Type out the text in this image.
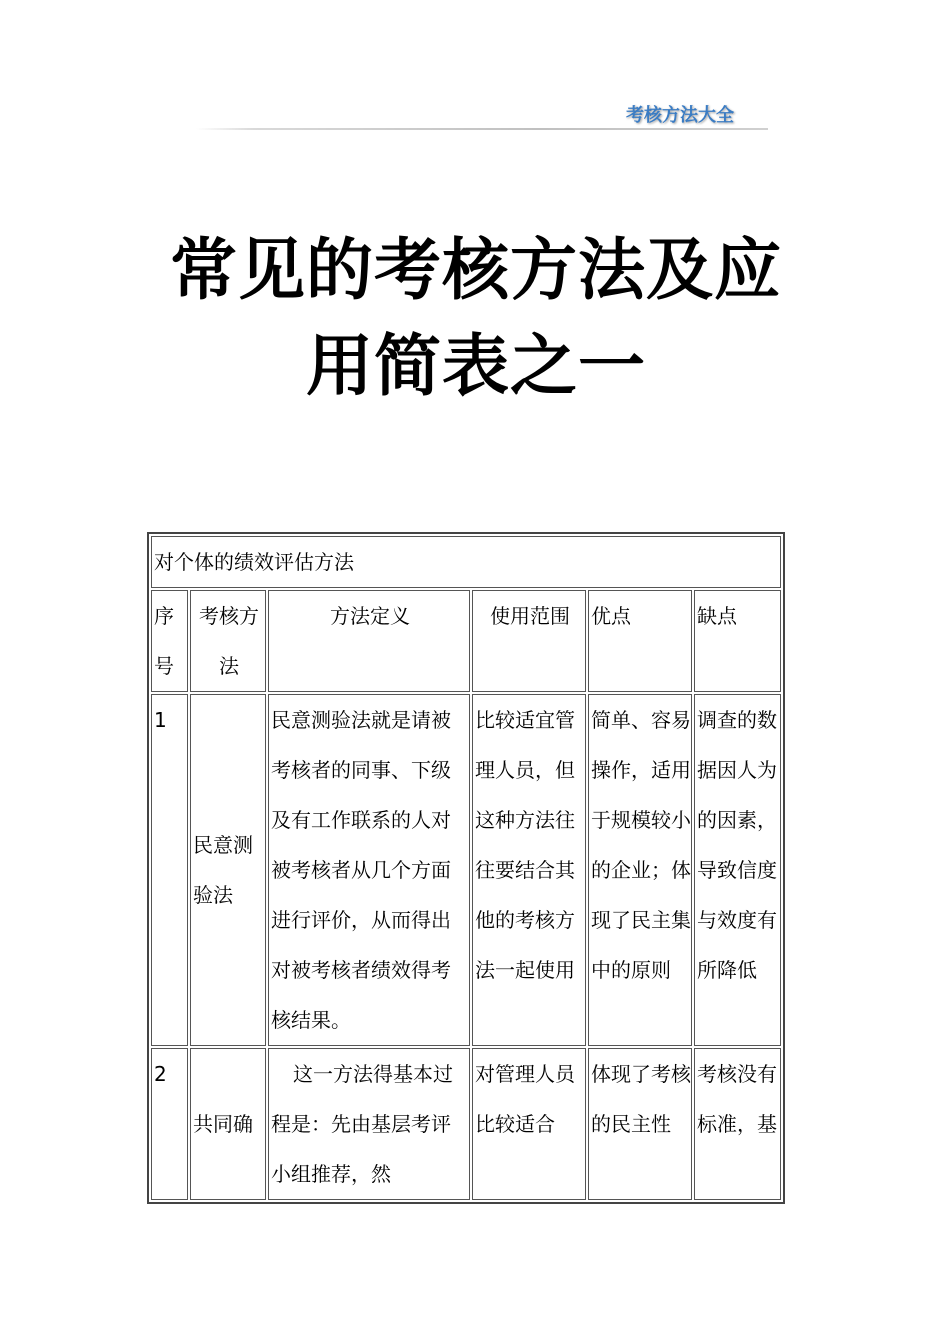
考核方法大全
常见的考核方法及应
用简表之一
对个体的绩效评估方法					
序号	考核方法	方法定义	使用范围	优点	缺点
1	民意测验法	民意测验法就是请被考核者的同事、下级及有工作联系的人对被考核者从几个方面进行评价，从而得出对被考核者绩效得考核结果。	比较适宜管理人员，但这种方法往往要结合其他的考核方法一起使用	简单、容易操作，适用于规模较小的企业；体现了民主集中的原则	调查的数据因人为的因素，导致信度与效度有所降低
2	共同确	这一方法得基本过程是：先由基层考评小组推荐，然	对管理人员比较适合	体现了考核的民主性	考核没有标准，基
